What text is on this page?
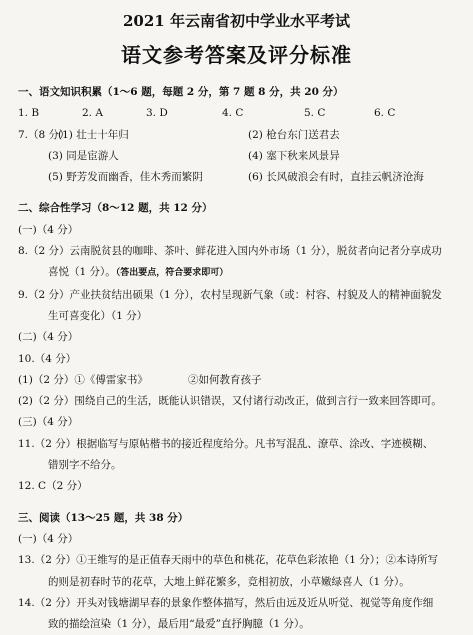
2021 年云南省初中学业水平考试
语文参考答案及评分标准
一、语文知识积累（1～6 题，每题 2 分，第 7 题 8 分，共 20 分）
1. B	2. A	3. D	4. C	5. C	6. C
7.（8 分）
(1) 壮士十年归	(2) 枪台东门送君去
(3) 同是宦游人	(4) 塞下秋来风景异
(5) 野芳发而幽香，佳木秀而繁阴	(6) 长风破浪会有时，直挂云帆济沧海
二、综合性学习（8～12 题，共 12 分）
(一)（4 分）
8.（2 分）云南脱贫县的咖啡、茶叶、鲜花进入国内外市场（1 分），脱贫者向记者分享成功
喜悦（1 分）。（答出要点，符合要求即可）
9.（2 分）产业扶贫结出硕果（1 分），农村呈现新气象（或：村容、村貌及人的精神面貌发
生可喜变化）（1 分）
(二)（4 分）
10.（4 分）
(1)（2 分）①《傅雷家书》	②如何教育孩子
(2)（2 分）围绕自己的生活，既能认识错误，又付诸行动改正，做到言行一致来回答即可。
(三)（4 分）
11.（2 分）根据临写与原帖楷书的接近程度给分。凡书写混乱、潦草、涂改、字迹模糊、
错别字不给分。
12. C（2 分）
三、阅读（13～25 题，共 38 分）
(一)（4 分）
13.（2 分）①王维写的是正值春天雨中的草色和桃花，花草色彩浓艳（1 分）；②本诗所写
的则是初春时节的花草，大地上鲜花繁多，竞相初放，小草嫩绿喜人（1 分）。
14.（2 分）开头对钱塘湖早春的景象作整体描写，然后由远及近从听觉、视觉等角度作细
致的描绘渲染（1 分），最后用“最爱”直抒胸臆（1 分）。
